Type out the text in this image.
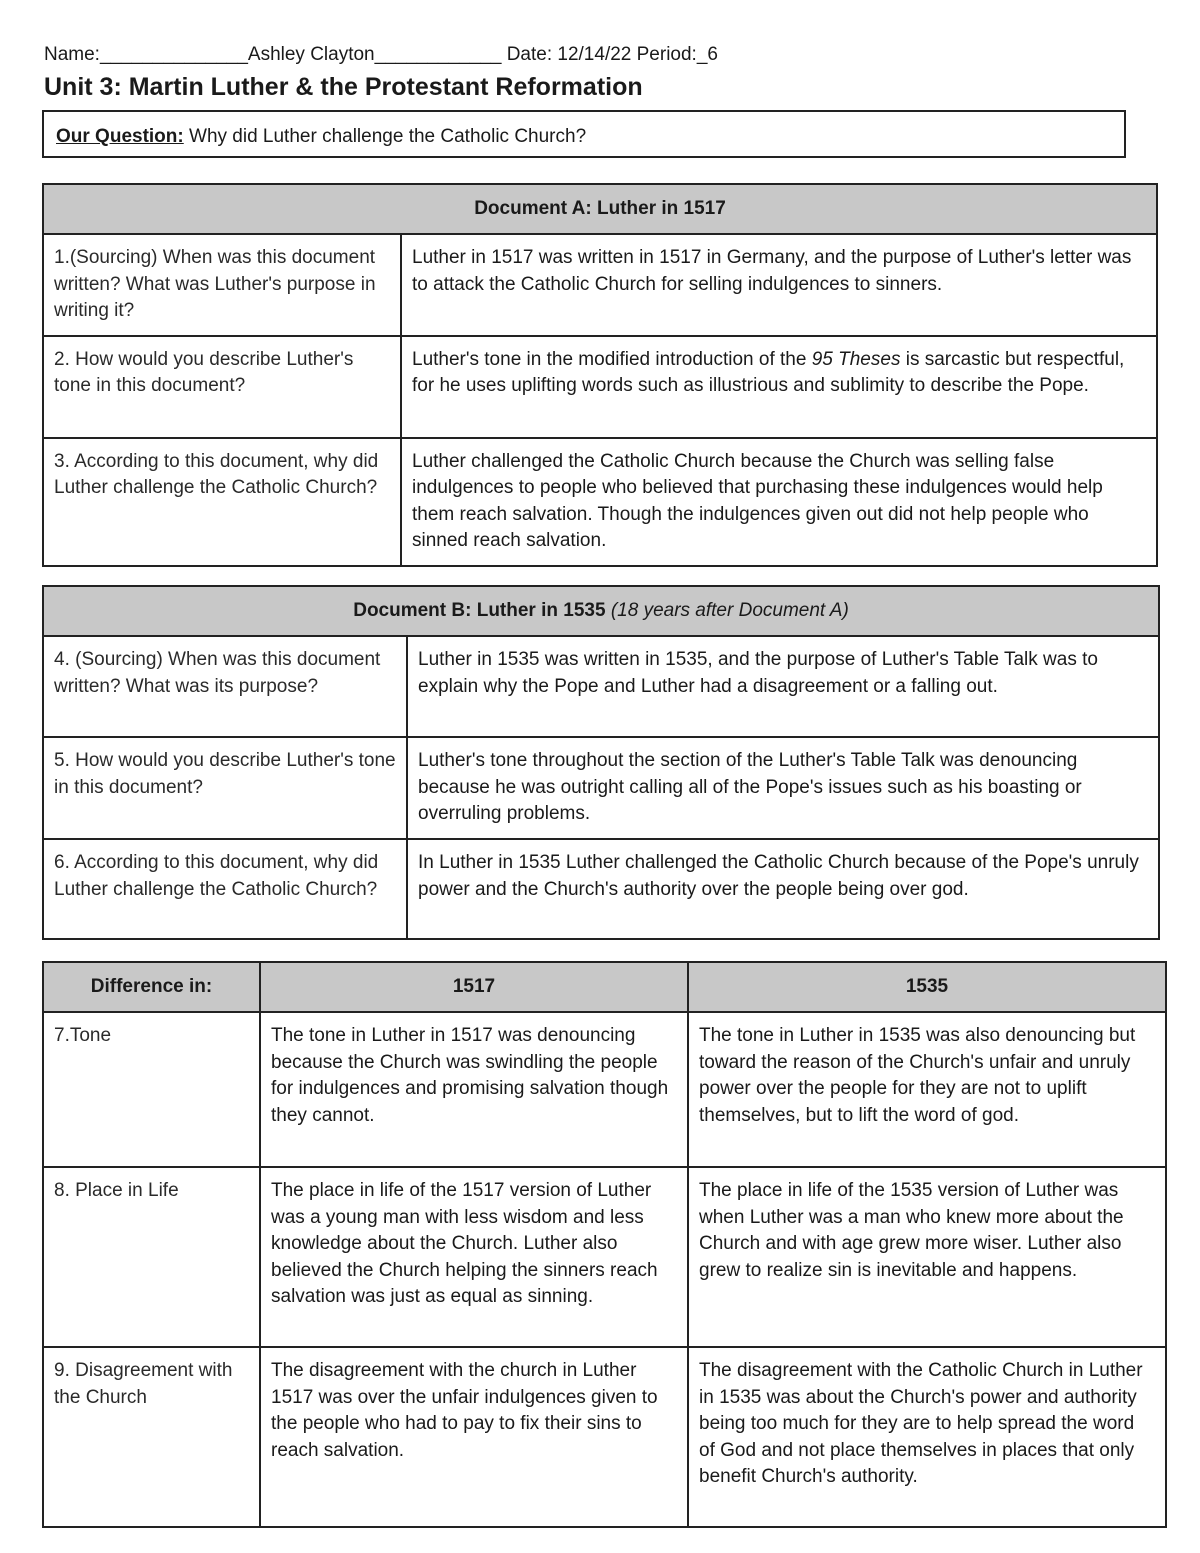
Name:______________Ashley Clayton____________ Date: 12/14/22 Period:_6
Unit 3: Martin Luther & the Protestant Reformation
Our Question: Why did Luther challenge the Catholic Church?
Document A: Luther in 1517	
1.(Sourcing) When was this document written? What was Luther's purpose in writing it?	Luther in 1517 was written in 1517 in Germany, and the purpose of Luther's letter was to attack the Catholic Church for selling indulgences to sinners.
2. How would you describe Luther's tone in this document?	Luther's tone in the modified introduction of the 95 Theses is sarcastic but respectful, for he uses uplifting words such as illustrious and sublimity to describe the Pope.
3. According to this document, why did Luther challenge the Catholic Church?	Luther challenged the Catholic Church because the Church was selling false indulgences to people who believed that purchasing these indulgences would help them reach salvation. Though the indulgences given out did not help people who sinned reach salvation.
Document B: Luther in 1535 (18 years after Document A)	
4. (Sourcing) When was this document written? What was its purpose?	Luther in 1535 was written in 1535, and the purpose of Luther's Table Talk was to explain why the Pope and Luther had a disagreement or a falling out.
5. How would you describe Luther's tone in this document?	Luther's tone throughout the section of the Luther's Table Talk was denouncing because he was outright calling all of the Pope's issues such as his boasting or overruling problems.
6. According to this document, why did Luther challenge the Catholic Church?	In Luther in 1535 Luther challenged the Catholic Church because of the Pope's unruly power and the Church's authority over the people being over god.
Difference in:	1517	1535
7.Tone	The tone in Luther in 1517 was denouncing because the Church was swindling the people for indulgences and promising salvation though they cannot.	The tone in Luther in 1535 was also denouncing but toward the reason of the Church's unfair and unruly power over the people for they are not to uplift themselves, but to lift the word of god.
8. Place in Life	The place in life of the 1517 version of Luther was a young man with less wisdom and less knowledge about the Church. Luther also believed the Church helping the sinners reach salvation was just as equal as sinning.	The place in life of the 1535 version of Luther was when Luther was a man who knew more about the Church and with age grew more wiser. Luther also grew to realize sin is inevitable and happens.
9. Disagreement with the Church	The disagreement with the church in Luther 1517 was over the unfair indulgences given to the people who had to pay to fix their sins to reach salvation.	The disagreement with the Catholic Church in Luther in 1535 was about the Church's power and authority being too much for they are to help spread the word of God and not place themselves in places that only benefit Church's authority.
